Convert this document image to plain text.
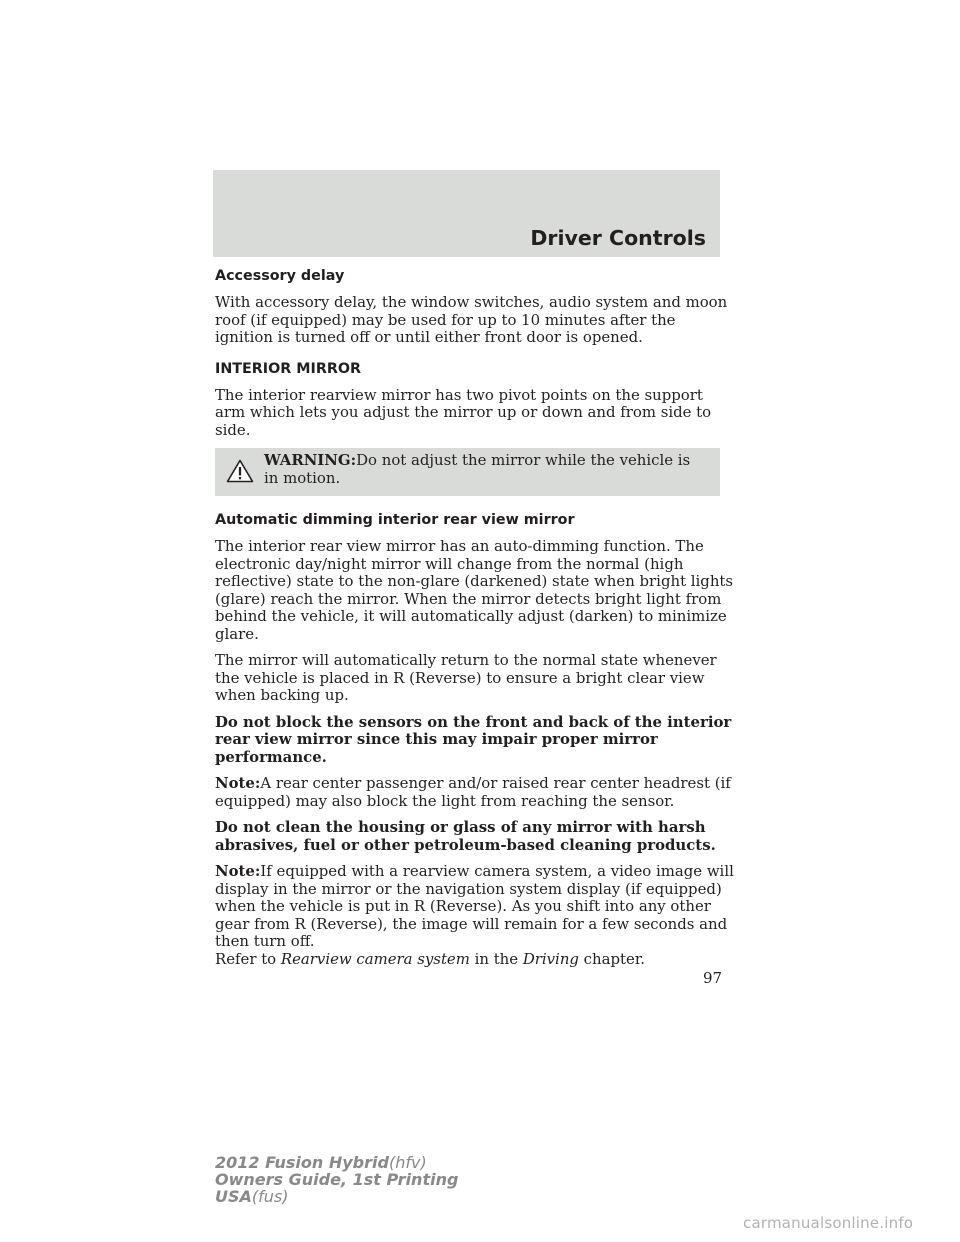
Driver Controls
Accessory delay

With accessory delay, the window switches, audio system and moon roof (if equipped) may be used for up to 10 minutes after the ignition is turned off or until either front door is opened.

INTERIOR MIRROR

The interior rearview mirror has two pivot points on the support arm which lets you adjust the mirror up or down and from side to side.

WARNING:Do not adjust the mirror while the vehicle is in motion.
Automatic dimming interior rear view mirror

The interior rear view mirror has an auto-dimming function. The electronic day/night mirror will change from the normal (high reflective) state to the non-glare (darkened) state when bright lights (glare) reach the mirror. When the mirror detects bright light from behind the vehicle, it will automatically adjust (darken) to minimize glare.

The mirror will automatically return to the normal state whenever the vehicle is placed in R (Reverse) to ensure a bright clear view when backing up.

Do not block the sensors on the front and back of the interior rear view mirror since this may impair proper mirror performance.

Note:A rear center passenger and/or raised rear center headrest (if equipped) may also block the light from reaching the sensor.

Do not clean the housing or glass of any mirror with harsh abrasives, fuel or other petroleum-based cleaning products.

Note:If equipped with a rearview camera system, a video image will display in the mirror or the navigation system display (if equipped) when the vehicle is put in R (Reverse). As you shift into any other gear from R (Reverse), the image will remain for a few seconds and then turn off.
Refer to Rearview camera system in the Driving chapter.

97
2012 Fusion Hybrid(hfv)
Owners Guide, 1st Printing
USA(fus)
carmanualsonline.info
